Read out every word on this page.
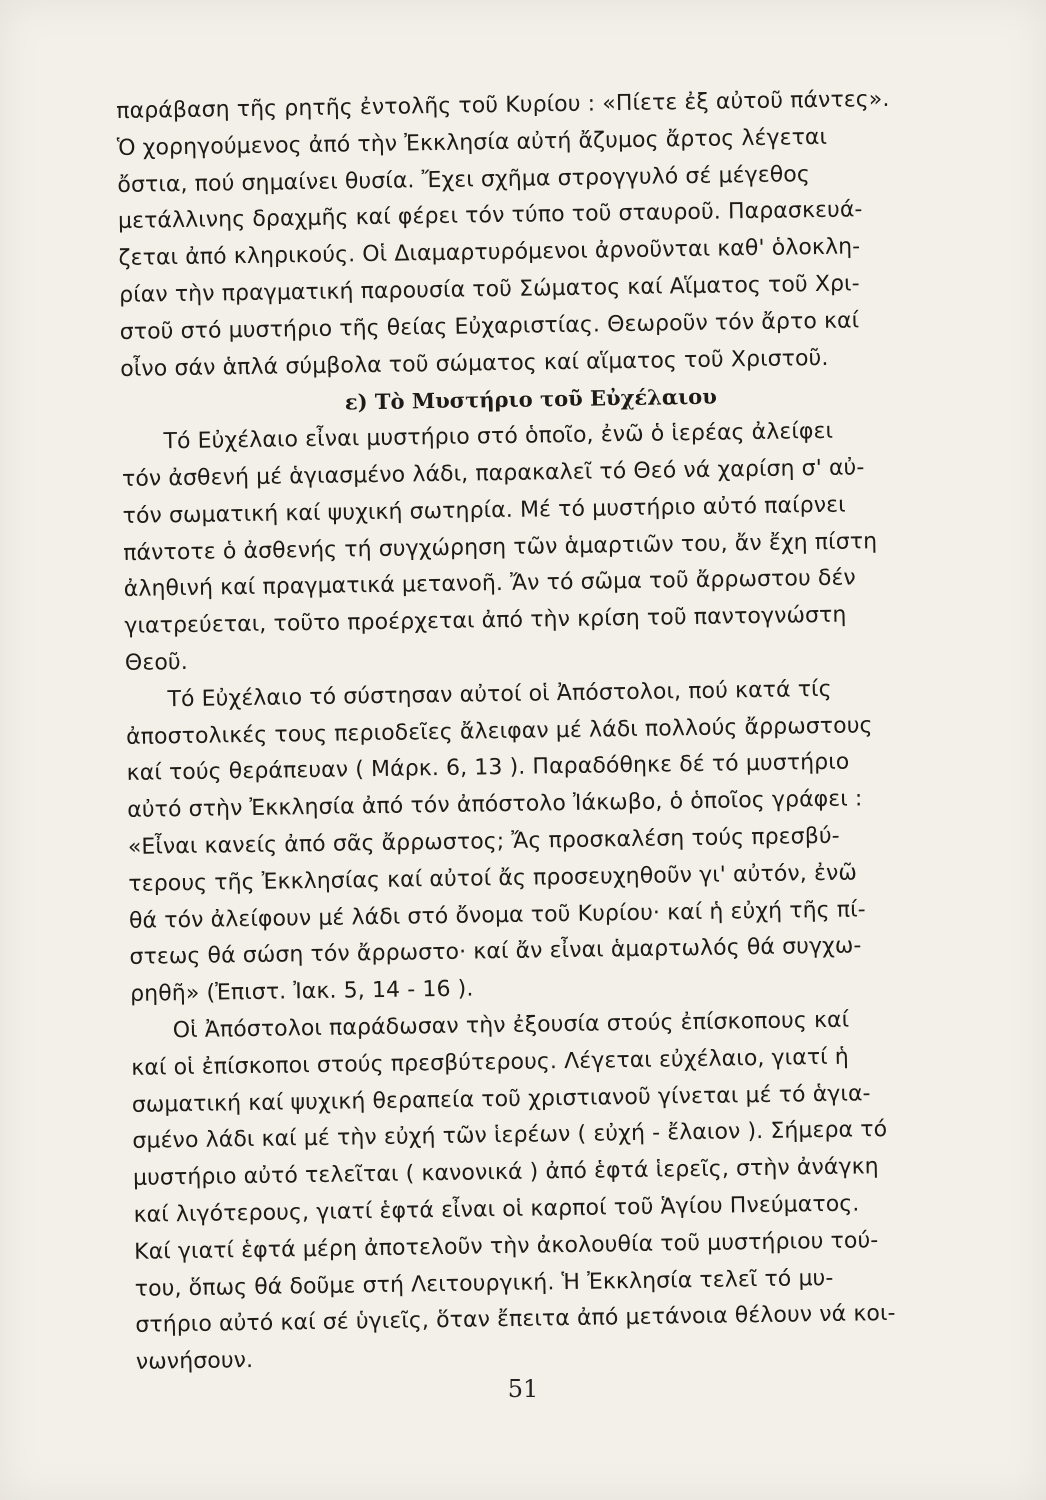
παράβαση τῆς ρητῆς ἐντολῆς τοῦ Κυρίου : «Πίετε ἐξ αὐτοῦ πάντες».
Ὁ χορηγούμενος ἀπό τὴν Ἐκκλησία αὐτή ἄζυμος ἄρτος λέγεται
ὄστια, πού σημαίνει θυσία. Ἔχει σχῆμα στρογγυλό σέ μέγεθος
μετάλλινης δραχμῆς καί φέρει τόν τύπο τοῦ σταυροῦ. Παρασκευά-
ζεται ἀπό κληρικούς. Οἱ Διαμαρτυρόμενοι ἀρνοῦνται καθ' ὁλοκλη-
ρίαν τὴν πραγματική παρουσία τοῦ Σώματος καί Αἵματος τοῦ Χρι-
στοῦ στό μυστήριο τῆς θείας Εὐχαριστίας. Θεωροῦν τόν ἄρτο καί
οἶνο σάν ἁπλά σύμβολα τοῦ σώματος καί αἵματος τοῦ Χριστοῦ.
ε) Τὸ Μυστήριο τοῦ Εὐχέλαιου
Τό Εὐχέλαιο εἶναι μυστήριο στό ὁποῖο, ἐνῶ ὁ ἱερέας ἀλείφει
τόν ἀσθενή μέ ἁγιασμένο λάδι, παρακαλεῖ τό Θεό νά χαρίση σ' αὐ-
τόν σωματική καί ψυχική σωτηρία. Μέ τό μυστήριο αὐτό παίρνει
πάντοτε ὁ ἀσθενής τή συγχώρηση τῶν ἁμαρτιῶν του, ἄν ἔχη πίστη
ἀληθινή καί πραγματικά μετανοῆ. Ἄν τό σῶμα τοῦ ἄρρωστου δέν
γιατρεύεται, τοῦτο προέρχεται ἀπό τὴν κρίση τοῦ παντογνώστη
Θεοῦ.
Τό Εὐχέλαιο τό σύστησαν αὐτοί οἱ Ἀπόστολοι, πού κατά τίς
ἀποστολικές τους περιοδεῖες ἄλειφαν μέ λάδι πολλούς ἄρρωστους
καί τούς θεράπευαν ( Μάρκ. 6, 13 ). Παραδόθηκε δέ τό μυστήριο
αὐτό στὴν Ἐκκλησία ἀπό τόν ἀπόστολο Ἰάκωβο, ὁ ὁποῖος γράφει :
«Εἶναι κανείς ἀπό σᾶς ἄρρωστος; Ἄς προσκαλέση τούς πρεσβύ-
τερους τῆς Ἐκκλησίας καί αὐτοί ἄς προσευχηθοῦν γι' αὐτόν, ἐνῶ
θά τόν ἀλείφουν μέ λάδι στό ὄνομα τοῦ Κυρίου· καί ἡ εὐχή τῆς πί-
στεως θά σώση τόν ἄρρωστο· καί ἄν εἶναι ἁμαρτωλός θά συγχω-
ρηθῆ» (Ἐπιστ. Ἰακ. 5, 14 - 16 ).
Οἱ Ἀπόστολοι παράδωσαν τὴν ἐξουσία στούς ἐπίσκοπους καί
καί οἱ ἐπίσκοποι στούς πρεσβύτερους. Λέγεται εὐχέλαιο, γιατί ἡ
σωματική καί ψυχική θεραπεία τοῦ χριστιανοῦ γίνεται μέ τό ἁγια-
σμένο λάδι καί μέ τὴν εὐχή τῶν ἱερέων ( εὐχή - ἔλαιον ). Σήμερα τό
μυστήριο αὐτό τελεῖται ( κανονικά ) ἀπό ἑφτά ἱερεῖς, στὴν ἀνάγκη
καί λιγότερους, γιατί ἑφτά εἶναι οἱ καρποί τοῦ Ἁγίου Πνεύματος.
Καί γιατί ἑφτά μέρη ἀποτελοῦν τὴν ἀκολουθία τοῦ μυστήριου τού-
του, ὅπως θά δοῦμε στή Λειτουργική. Ἡ Ἐκκλησία τελεῖ τό μυ-
στήριο αὐτό καί σέ ὑγιεῖς, ὅταν ἔπειτα ἀπό μετάνοια θέλουν νά κοι-
νωνήσουν.
51
